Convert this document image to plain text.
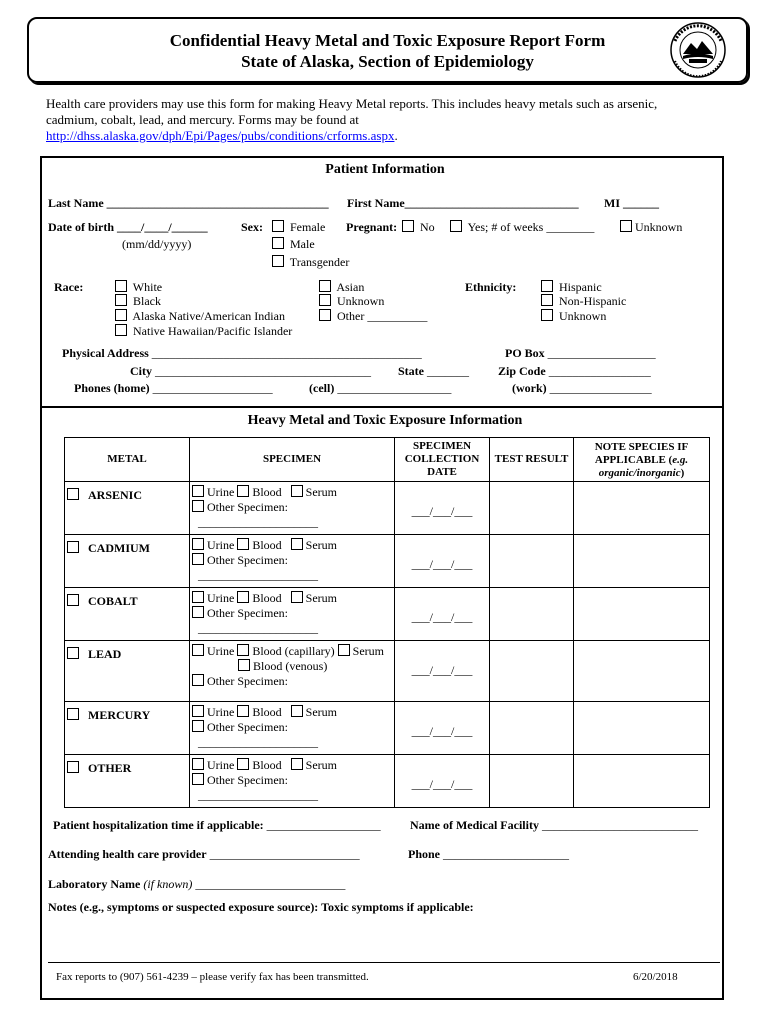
Confidential Heavy Metal and Toxic Exposure Report Form
State of Alaska, Section of Epidemiology
Health care providers may use this form for making Heavy Metal reports. This includes heavy metals such as arsenic,
cadmium, cobalt, lead, and mercury. Forms may be found at
http://dhss.alaska.gov/dph/Epi/Pages/pubs/conditions/crforms.aspx.
Patient Information
Last Name _____________________________________ First Name_____________________________ MI ______
Date of birth ____/____/______
(mm/dd/yyyy)
Sex:	Female
Male
Transgender
Pregnant:	No	Yes; # of weeks ________	Unknown
Race:	White
Black
Alaska Native/American Indian
Native Hawaiian/Pacific Islander
Asian
Unknown
Other __________
Ethnicity:	Hispanic
Non-Hispanic
Unknown
Physical Address _____________________________________________	PO Box __________________
City ____________________________________ State _______ Zip Code _________________
Phones (home) ____________________	(cell) ___________________	(work) _________________
Heavy Metal and Toxic Exposure Information
METAL	SPECIMEN	SPECIMEN COLLECTION DATE	TEST RESULT	NOTE SPECIES IF APPLICABLE (e.g. organic/inorganic)

ARSENIC	Urine Blood Serum
Other Specimen:
____________________	___/___/___		

CADMIUM	Urine Blood Serum
Other Specimen:
____________________	___/___/___		

COBALT	Urine Blood Serum
Other Specimen:
____________________	___/___/___		

LEAD	Urine Blood (capillary) Serum
Blood (venous)
Other Specimen:
____________________	___/___/___		

MERCURY	Urine Blood Serum
Other Specimen:
____________________	___/___/___		

OTHER	Urine Blood Serum
Other Specimen:
____________________	___/___/___		

Patient hospitalization time if applicable: ___________________ Name of Medical Facility __________________________
Attending health care provider _________________________	Phone _____________________
Laboratory Name (if known) _________________________
Notes (e.g., symptoms or suspected exposure source): Toxic symptoms if applicable:
Fax reports to (907) 561-4239 – please verify fax has been transmitted.	6/20/2018
